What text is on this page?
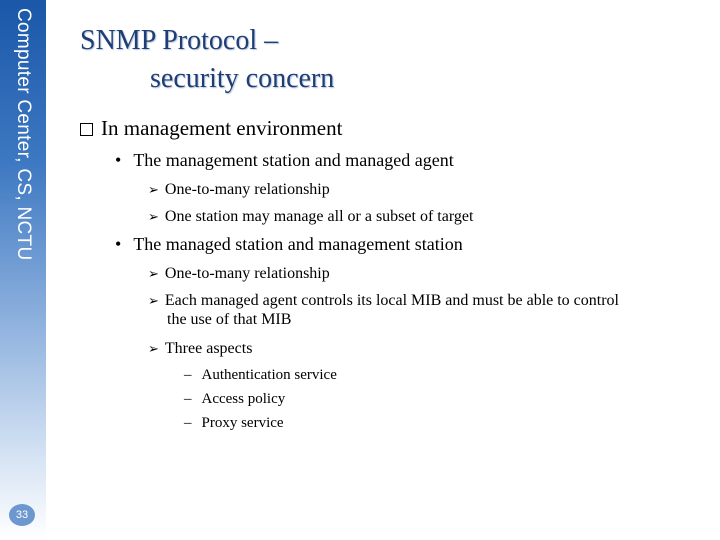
Computer Center, CS, NCTU
33
SNMP Protocol –
security concern
In management environment
• The management station and managed agent
➢ One-to-many relationship
➢ One station may manage all or a subset of target
• The managed station and management station
➢ One-to-many relationship
➢ Each managed agent controls its local MIB and must be able to control
the use of that MIB
➢ Three aspects
– Authentication service
– Access policy
– Proxy service
